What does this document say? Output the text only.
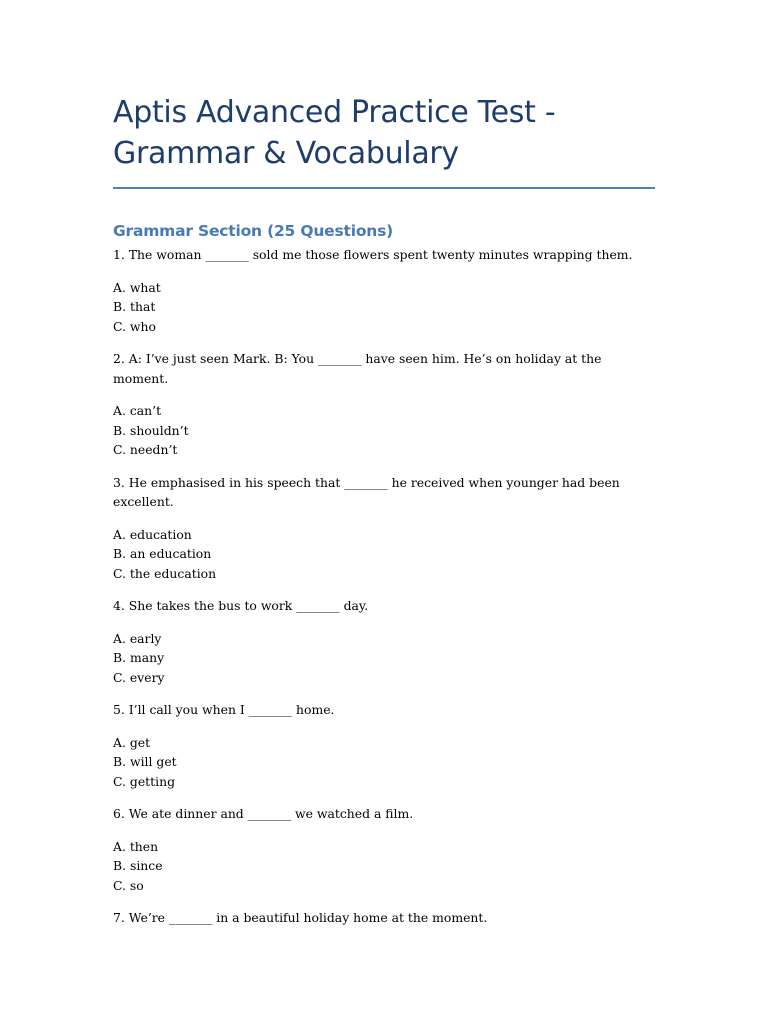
Aptis Advanced Practice Test - Grammar & Vocabulary
Grammar Section (25 Questions)
1. The woman _______ sold me those flowers spent twenty minutes wrapping them.
A. what
B. that
C. who
2. A: I’ve just seen Mark. B: You _______ have seen him. He’s on holiday at the moment.
A. can’t
B. shouldn’t
C. needn’t
3. He emphasised in his speech that _______ he received when younger had been excellent.
A. education
B. an education
C. the education
4. She takes the bus to work _______ day.
A. early
B. many
C. every
5. I’ll call you when I _______ home.
A. get
B. will get
C. getting
6. We ate dinner and _______ we watched a film.
A. then
B. since
C. so
7. We’re _______ in a beautiful holiday home at the moment.
